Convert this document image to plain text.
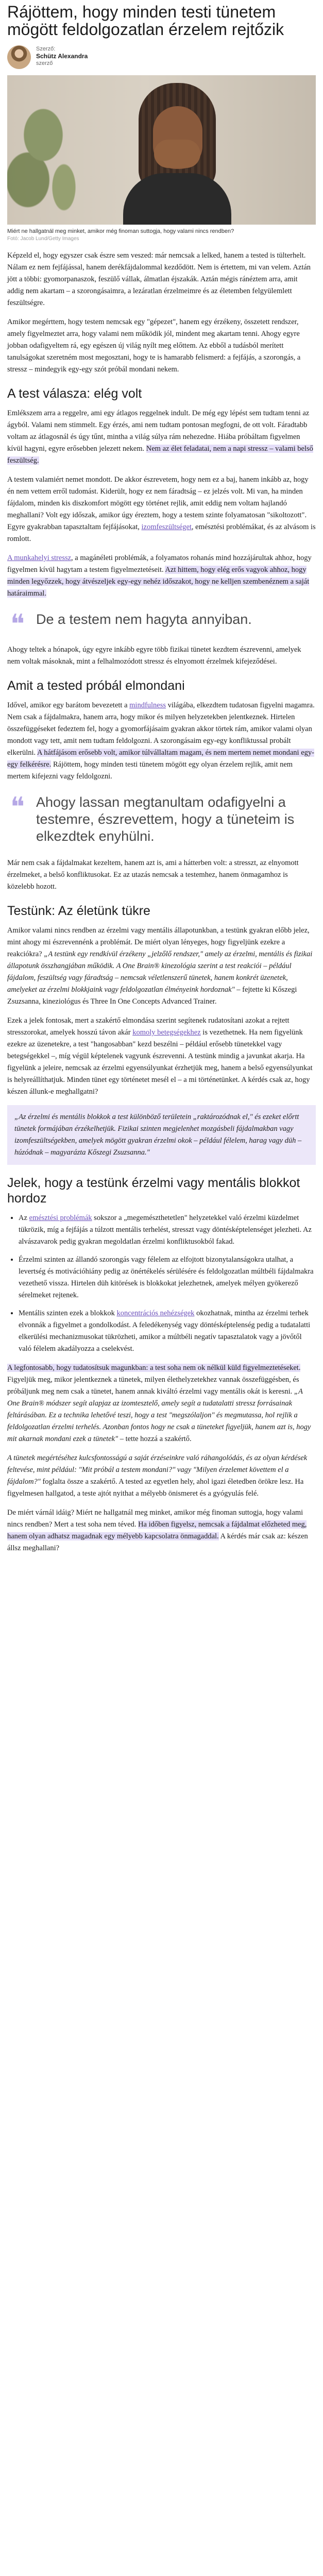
Rájöttem, hogy minden testi tünetem mögött feldolgozatlan érzelem rejtőzik
Szerző:
Schütz Alexandra
szerző
Miért ne hallgatnál meg minket, amikor még finoman suttogja, hogy valami nincs rendben?
Fotó: Jacob Lund/Getty Images

Képzeld el, hogy egyszer csak észre sem veszed: már nemcsak a lelked, hanem a tested is tülterhelt. Nálam ez nem fejfájással, hanem derékfájdalommal kezdődött. Nem is értettem, mi van velem. Aztán jött a többi: gyomorpanaszok, feszülő vállak, álmatlan éjszakák. Aztán mégis ránéztem arra, amit addig nem akartam – a szorongásaimra, a lezáratlan érzelmeimre és az életemben felgyülemlett feszültségre.

Amikor megérttem, hogy testem nemcsak egy "gépezet", hanem egy érzékeny, összetett rendszer, amely figyelmeztet arra, hogy valami nem működik jól, mindent meg akartam tenni. Ahogy egyre jobban odafigyeltem rá, egy egészen új világ nyílt meg előttem. Az ebből a tudásból merített tanulságokat szeretném most megosztani, hogy te is hamarabb felismerd: a fejfájás, a szorongás, a stressz – mindegyik egy-egy szót próbál mondani nekem.

A test válasza: elég volt

Emlékszem arra a reggelre, ami egy átlagos reggelnek indult. De még egy lépést sem tudtam tenni az ágyból. Valami nem stimmelt. Egy érzés, ami nem tudtam pontosan megfogni, de ott volt. Fáradtabb voltam az átlagosnál és úgy tűnt, mintha a világ súlya rám nehezedne. Hiába próbáltam figyelmen kívül hagyni, egyre erősebben jelezett nekem. Nem az élet feladatai, nem a napi stressz – valami belső feszültség.

A testem valamiért nemet mondott. De akkor észrevetem, hogy nem ez a baj, hanem inkább az, hogy én nem vettem erről tudomást. Kiderült, hogy ez nem fáradtság – ez jelzés volt. Mi van, ha minden fájdalom, minden kis diszkomfort mögött egy történet rejlik, amit eddig nem voltam hajlandó meghallani? Volt egy időszak, amikor úgy éreztem, hogy a testem szinte folyamatosan "sikoltozott". Egyre gyakrabban tapasztaltam fejfájásokat, izomfeszültséget, emésztési problémákat, és az alvásom is romlott.

A munkahelyi stressz, a magánéleti problémák, a folyamatos rohanás mind hozzájárultak ahhoz, hogy figyelmen kívül hagytam a testem figyelmeztetéseit. Azt hittem, hogy elég erős vagyok ahhoz, hogy minden legyőzzek, hogy átvészeljek egy-egy nehéz időszakot, hogy ne kelljen szembenéznem a saját határaimmal.

❝ De a testem nem hagyta annyiban.

Ahogy teltek a hónapok, úgy egyre inkább egyre több fizikai tünetet kezdtem észrevenni, amelyek nem voltak másoknak, mint a felhalmozódott stressz és elnyomott érzelmek kifejeződései.

Amit a tested próbál elmondani

Idővel, amikor egy barátom bevezetett a mindfulness világába, elkezdtem tudatosan figyelni magamra. Nem csak a fájdalmakra, hanem arra, hogy mikor és milyen helyzetekben jelentkeznek. Hirtelen összefüggéseket fedeztem fel, hogy a gyomorfájásaim gyakran akkor törtek rám, amikor valami olyan mondott vagy tett, amit nem tudtam feldolgozni. A szorongásaim egy-egy konfliktussal probált elkerülni. A hátfájásom erősebb volt, amikor túlvállaltam magam, és nem mertem nemet mondani egy-egy felkérésre. Rájöttem, hogy minden testi tünetem mögött egy olyan érzelem rejlik, amit nem mertem kifejezni vagy feldolgozni.

❝ Ahogy lassan megtanultam odafigyelni a testemre, észrevettem, hogy a tüneteim is elkezdtek enyhülni.

Már nem csak a fájdalmakat kezeltem, hanem azt is, ami a hátterben volt: a stresszt, az elnyomott érzelmeket, a belső konfliktusokat. Ez az utazás nemcsak a testemhez, hanem önmagamhoz is közelebb hozott.

Testünk: Az életünk tükre

Amikor valami nincs rendben az érzelmi vagy mentális állapotunkban, a testünk gyakran előbb jelez, mint ahogy mi észrevennénk a problémát. De miért olyan lényeges, hogy figyeljünk ezekre a reakciókra? „A testünk egy rendkívül érzékeny „jelzőlő rendszer," amely az érzelmi, mentális és fizikai állapotunk összhangjában működik. A One Brain® kinezológia szerint a test reakciói – például fájdalom, feszültség vagy fáradtság – nemcsak véletlenszerű tünetek, hanem konkrét üzenetek, amelyeket az érzelmi blokkjaink vagy feldolgozatlan élményeink hordoznak" – fejtette ki Kőszegi Zsuzsanna, kineziológus és Three In One Concepts Advanced Trainer.

Ezek a jelek fontosak, mert a szakértő elmondása szerint segítenek rudatosítani azokat a rejtett stresszorokat, amelyek hosszú távon akár komoly betegségekhez is vezethetnek. Ha nem figyelünk ezekre az üzenetekre, a test "hangosabban" kezd beszélni – például erősebb tünetekkel vagy betegségekkel –, míg végül képtelenek vagyunk észrevenni. A testünk mindig a javunkat akarja. Ha figyelünk a jeleire, nemcsak az érzelmi egyensúlyunkat érzhetjük meg, hanem a belső egyensúlyunkat is helyreállíthatjuk. Minden tünet egy történetet mesél el – a mi történetünket. A kérdés csak az, hogy készen állunk-e meghallgatni?

„Az érzelmi és mentális blokkok a test különböző területein „raktározódnak el," és ezeket előrtt tünetek formájában érzékelhetjük. Fizikai szinten megjelenhet mozgásbeli fájdalmakban vagy izomfeszültségekben, amelyek mögött gyakran érzelmi okok – például félelem, harag vagy düh – húzódnak – magyarázta Kőszegi Zsuzsanna."
Jelek, hogy a testünk érzelmi vagy mentális blokkot hordoz
• Az emésztési problémák sokszor a „megemészthetetlen" helyzetekkel való érzelmi küzdelmet tükrözik, míg a fejfájás a túlzott mentális terhelést, stresszt vagy döntésképtelenséget jelezheti. Az alvászavarok pedig gyakran megoldatlan érzelmi konfliktusokból fakad.
• Érzelmi szinten az állandó szorongás vagy félelem az elfojtott bizonytalanságokra utalhat, a levertség és motivációhiány pedig az önértékelés sérülésére és feldolgozatlan múltbéli fájdalmakra vezethető vissza. Hirtelen düh kitörések is blokkokat jelezhetnek, amelyek mélyen gyökerező sérelmeket rejtenek.
• Mentális szinten ezek a blokkok koncentrációs nehézségek okozhatnak, mintha az érzelmi terhek elvonnák a figyelmet a gondolkodást. A feledékenység vagy döntésképtelenség pedig a tudatalatti elkerülési mechanizmusokat tükrözheti, amikor a múltbéli negatív tapasztalatok vagy a jövőtől való félelem akadályozza a cselekvést.

A legfontosabb, hogy tudatosítsuk magunkban: a test soha nem ok nélkül küld figyelmeztetéseket. Figyeljük meg, mikor jelentkeznek a tünetek, milyen élethelyzetekhez vannak összefüggésben, és próbáljunk meg nem csak a tünetet, hanem annak kiváltó érzelmi vagy mentális okát is keresni. „A One Brain® módszer segít alapjaz az izomtesztelő, amely segít a tudatalatti stressz forrásainak feltárásában. Ez a technika lehetővé teszi, hogy a test "megszólaljon" és megmutassa, hol rejlik a feldolgozatlan érzelmi terhelés. Azonban fontos hogy ne csak a tüneteket figyeljük, hanem azt is, hogy mit akarnak mondani ezek a tünetek" – tette hozzá a szakértő.

A tünetek megértéséhez kulcsfontosságú a saját érzéseinkre való ráhangolódás, és az olyan kérdések feltevése, mint például: "Mit próbál a testem mondani?" vagy "Milyen érzelemet követtem el a fájdalom?" foglalta össze a szakértő. A tested az egyetlen hely, ahol igazi életedben örökre lesz. Ha figyelmesen hallgatod, a teste ajtót nyithat a mélyebb önismeret és a gyógyulás felé.

De miért várnál idáig? Miért ne hallgatnál meg minket, amikor még finoman suttogja, hogy valami nincs rendben? Mert a test soha nem téved. Ha időben figyelsz, nemcsak a fájdalmat előzheted meg, hanem olyan adhatsz magadnak egy mélyebb kapcsolatra önmagaddal. A kérdés már csak az: készen állsz meghallani?
